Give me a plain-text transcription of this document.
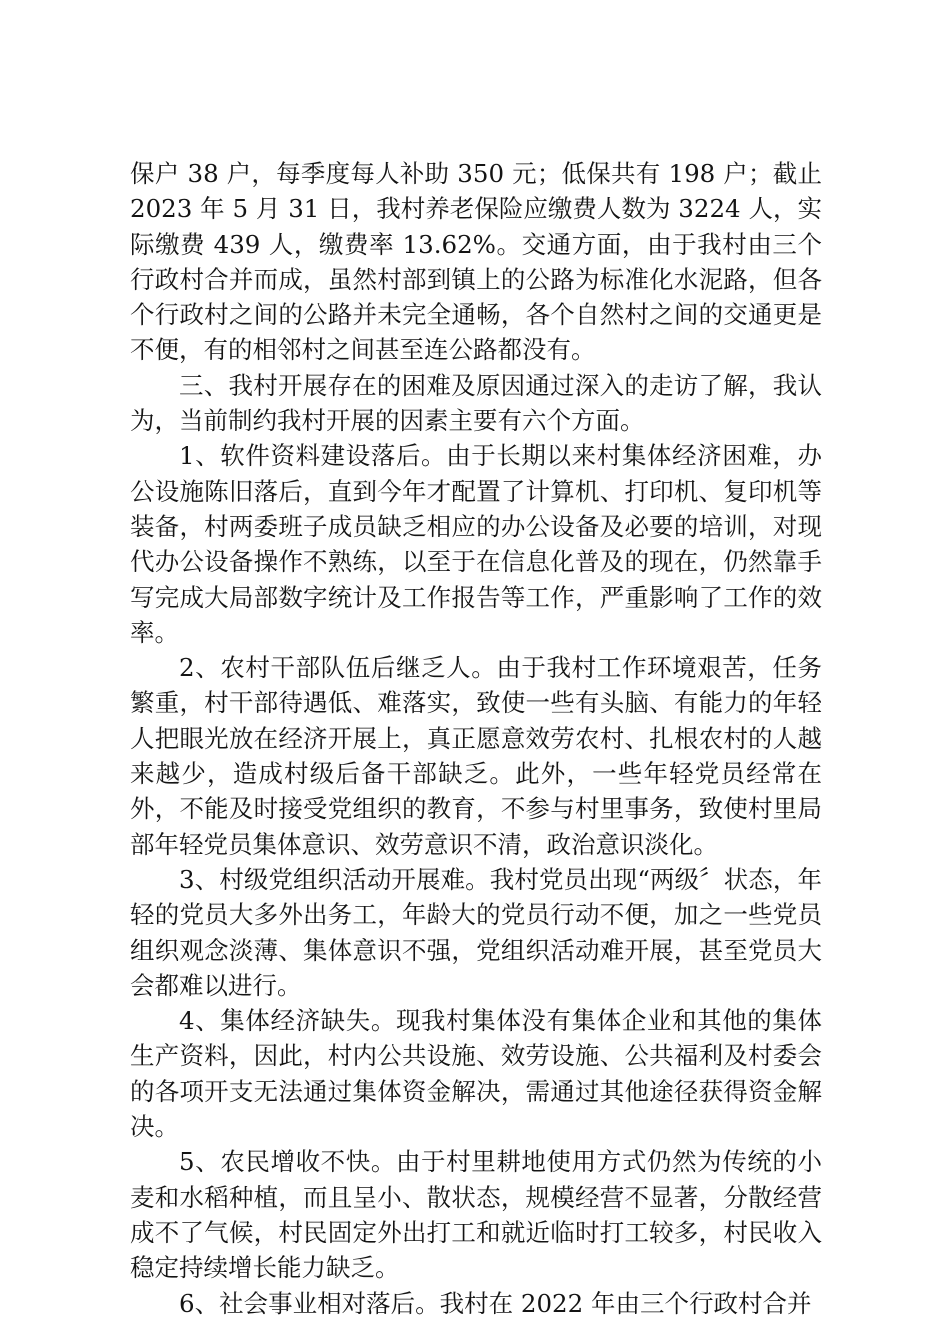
保户 38 户，每季度每人补助 350 元；低保共有 198 户；截止 2023 年 5 月 31 日，我村养老保险应缴费人数为 3224 人，实际缴费 439 人，缴费率 13.62%。交通方面，由于我村由三个行政村合并而成，虽然村部到镇上的公路为标准化水泥路，但各个行政村之间的公路并未完全通畅，各个自然村之间的交通更是不便，有的相邻村之间甚至连公路都没有。

三、我村开展存在的困难及原因通过深入的走访了解，我认为，当前制约我村开展的因素主要有六个方面。

1、软件资料建设落后。由于长期以来村集体经济困难，办公设施陈旧落后，直到今年才配置了计算机、打印机、复印机等装备，村两委班子成员缺乏相应的办公设备及必要的培训，对现代办公设备操作不熟练，以至于在信息化普及的现在，仍然靠手写完成大局部数字统计及工作报告等工作，严重影响了工作的效率。

2、农村干部队伍后继乏人。由于我村工作环境艰苦，任务繁重，村干部待遇低、难落实，致使一些有头脑、有能力的年轻人把眼光放在经济开展上，真正愿意效劳农村、扎根农村的人越来越少，造成村级后备干部缺乏。此外，一些年轻党员经常在外，不能及时接受党组织的教育，不参与村里事务，致使村里局部年轻党员集体意识、效劳意识不清，政治意识淡化。

3、村级党组织活动开展难。我村党员出现“两级〞状态，年轻的党员大多外出务工，年龄大的党员行动不便，加之一些党员组织观念淡薄、集体意识不强，党组织活动难开展，甚至党员大会都难以进行。

4、集体经济缺失。现我村集体没有集体企业和其他的集体生产资料，因此，村内公共设施、效劳设施、公共福利及村委会的各项开支无法通过集体资金解决，需通过其他途径获得资金解决。

5、农民增收不快。由于村里耕地使用方式仍然为传统的小麦和水稻种植，而且呈小、散状态，规模经营不显著，分散经营成不了气候，村民固定外出打工和就近临时打工较多，村民收入稳定持续增长能力缺乏。

6、社会事业相对落后。我村在 2022 年由三个行政村合并
